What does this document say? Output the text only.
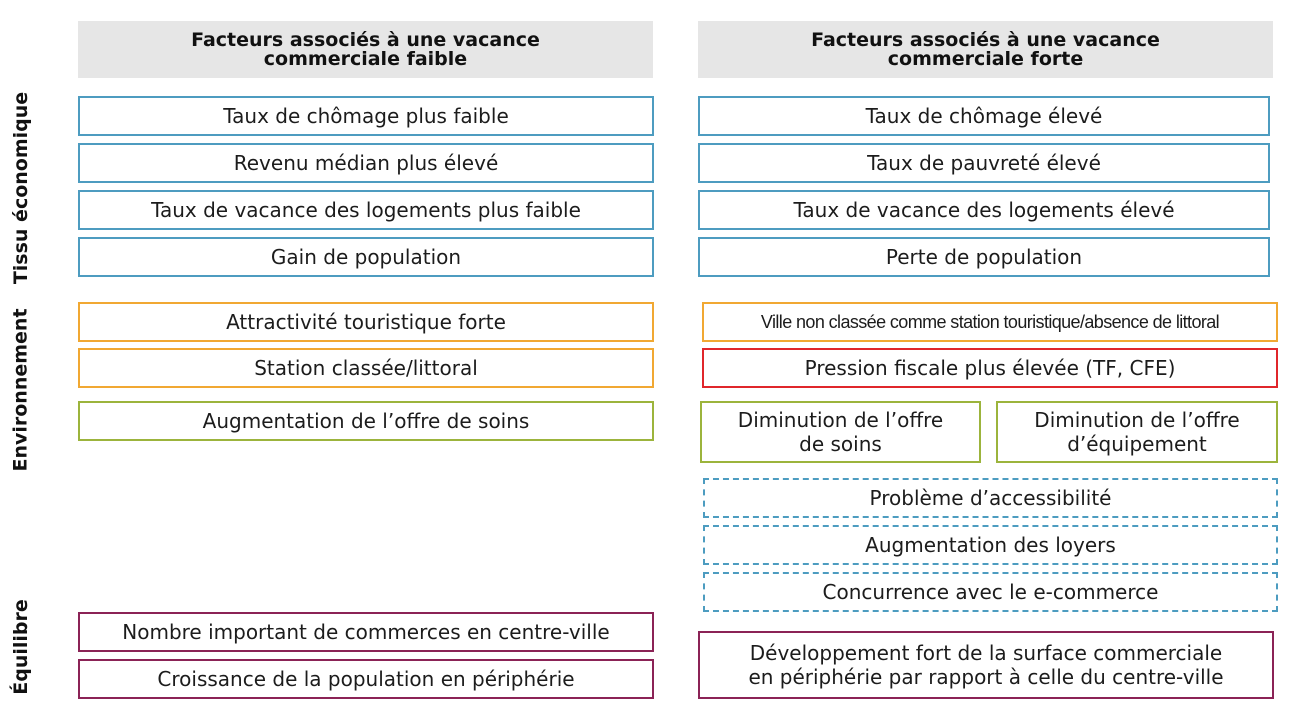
Facteurs associés à une vacance
commerciale faible
Facteurs associés à une vacance
commerciale forte
Tissu économique
Environnement
Équilibre
Taux de chômage plus faible
Revenu médian plus élevé
Taux de vacance des logements plus faible
Gain de population
Taux de chômage élevé
Taux de pauvreté élevé
Taux de vacance des logements élevé
Perte de population
Attractivité touristique forte
Station classée/littoral
Augmentation de l’offre de soins
Ville non classée comme station touristique/absence de littoral
Pression fiscale plus élevée (TF, CFE)
Diminution de l’offre
de soins
Diminution de l’offre
d’équipement
Problème d’accessibilité
Augmentation des loyers
Concurrence avec le e-commerce
Nombre important de commerces en centre-ville
Croissance de la population en périphérie
Développement fort de la surface commerciale
en périphérie par rapport à celle du centre-ville
